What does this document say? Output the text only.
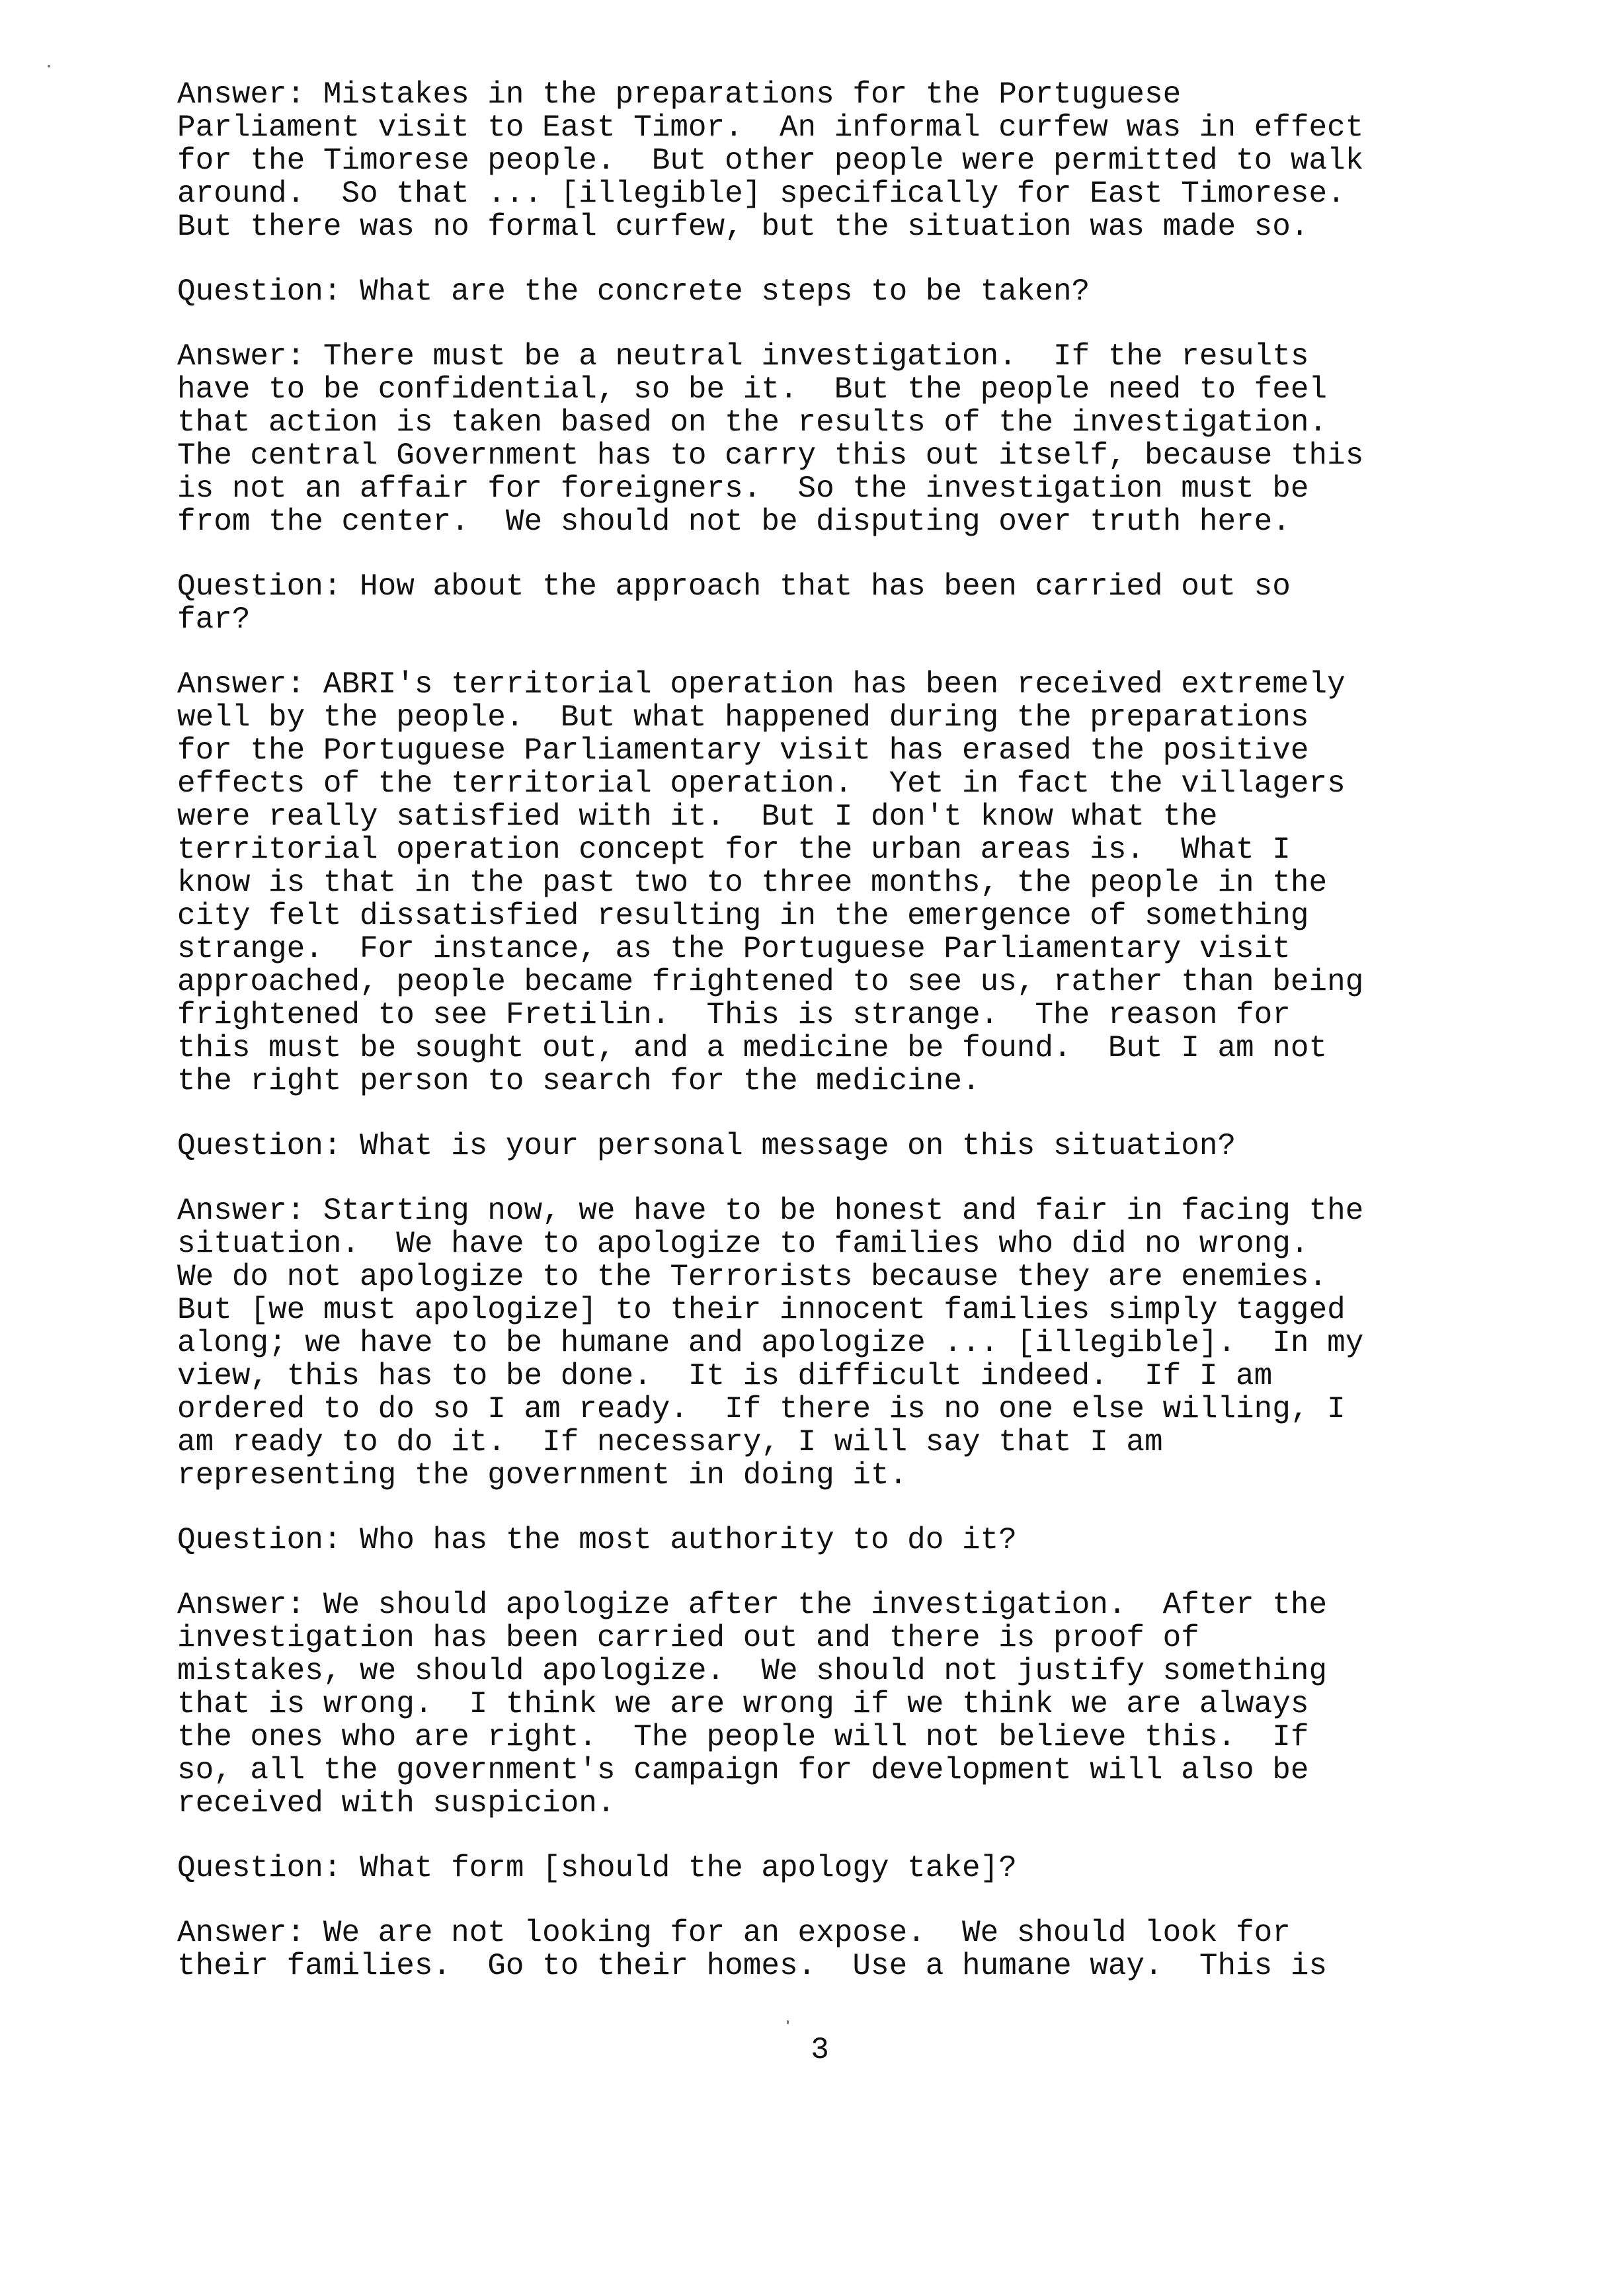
Answer: Mistakes in the preparations for the Portuguese
Parliament visit to East Timor.  An informal curfew was in effect
for the Timorese people.  But other people were permitted to walk
around.  So that ... [illegible] specifically for East Timorese.
But there was no formal curfew, but the situation was made so.
Question: What are the concrete steps to be taken?
Answer: There must be a neutral investigation.  If the results
have to be confidential, so be it.  But the people need to feel
that action is taken based on the results of the investigation.
The central Government has to carry this out itself, because this
is not an affair for foreigners.  So the investigation must be
from the center.  We should not be disputing over truth here.
Question: How about the approach that has been carried out so
far?
Answer: ABRI's territorial operation has been received extremely
well by the people.  But what happened during the preparations
for the Portuguese Parliamentary visit has erased the positive
effects of the territorial operation.  Yet in fact the villagers
were really satisfied with it.  But I don't know what the
territorial operation concept for the urban areas is.  What I
know is that in the past two to three months, the people in the
city felt dissatisfied resulting in the emergence of something
strange.  For instance, as the Portuguese Parliamentary visit
approached, people became frightened to see us, rather than being
frightened to see Fretilin.  This is strange.  The reason for
this must be sought out, and a medicine be found.  But I am not
the right person to search for the medicine.
Question: What is your personal message on this situation?
Answer: Starting now, we have to be honest and fair in facing the
situation.  We have to apologize to families who did no wrong.
We do not apologize to the Terrorists because they are enemies.
But [we must apologize] to their innocent families simply tagged
along; we have to be humane and apologize ... [illegible].  In my
view, this has to be done.  It is difficult indeed.  If I am
ordered to do so I am ready.  If there is no one else willing, I
am ready to do it.  If necessary, I will say that I am
representing the government in doing it.
Question: Who has the most authority to do it?
Answer: We should apologize after the investigation.  After the
investigation has been carried out and there is proof of
mistakes, we should apologize.  We should not justify something
that is wrong.  I think we are wrong if we think we are always
the ones who are right.  The people will not believe this.  If
so, all the government's campaign for development will also be
received with suspicion.
Question: What form [should the apology take]?
Answer: We are not looking for an expose.  We should look for
their families.  Go to their homes.  Use a humane way.  This is
3
